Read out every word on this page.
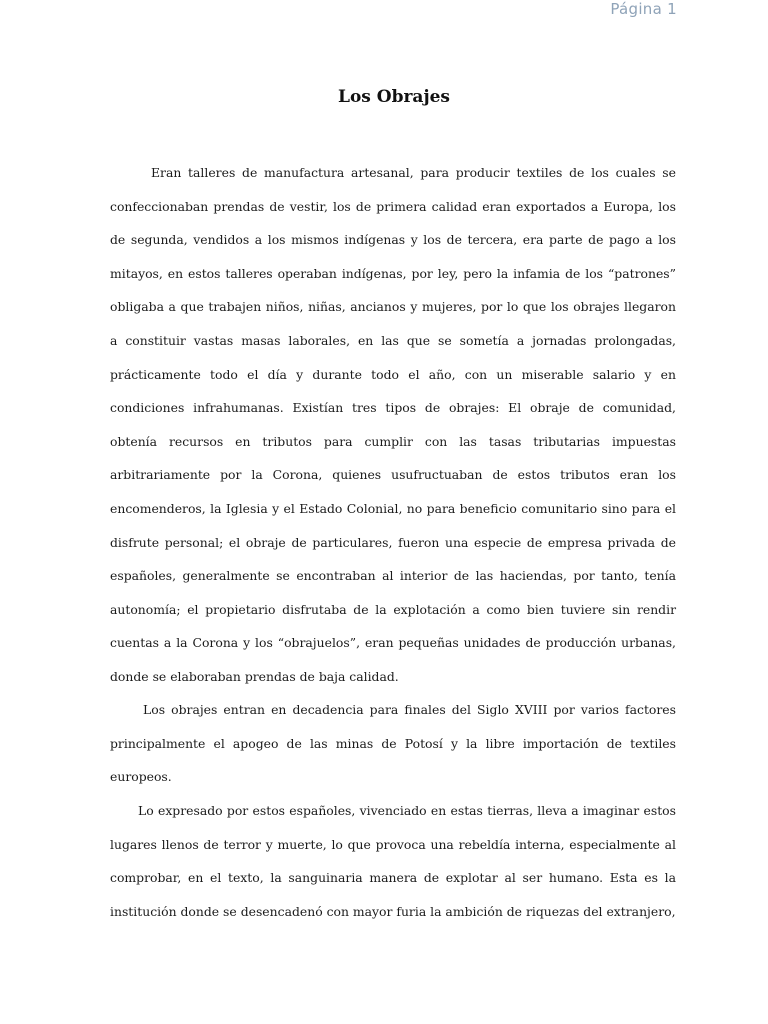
Página 1
Los Obrajes

Eran talleres de manufactura artesanal, para producir textiles de los cuales se confeccionaban prendas de vestir, los de primera calidad eran exportados a Europa, los de segunda, vendidos a los mismos indígenas y los de tercera, era parte de pago a los mitayos, en estos talleres operaban indígenas, por ley, pero la infamia de los “patrones” obligaba a que trabajen niños, niñas, ancianos y mujeres, por lo que los obrajes llegaron a constituir vastas masas laborales, en las que se sometía a jornadas prolongadas, prácticamente todo el día y durante todo el año, con un miserable salario y en condiciones infrahumanas. Existían tres tipos de obrajes: El obraje de comunidad, obtenía recursos en tributos para cumplir con las tasas tributarias impuestas arbitrariamente por la Corona, quienes usufructuaban de estos tributos eran los encomenderos, la Iglesia y el Estado Colonial, no para beneficio comunitario sino para el disfrute personal; el obraje de particulares, fueron una especie de empresa privada de españoles, generalmente se encontraban al interior de las haciendas, por tanto, tenía autonomía; el propietario disfrutaba de la explotación a como bien tuviere sin rendir cuentas a la Corona y los “obrajuelos”, eran pequeñas unidades de producción urbanas, donde se elaboraban prendas de baja calidad.

Los obrajes entran en decadencia para finales del Siglo XVIII por varios factores principalmente el apogeo de las minas de Potosí y la libre importación de textiles europeos.

Lo expresado por estos españoles, vivenciado en estas tierras, lleva a imaginar estos lugares llenos de terror y muerte, lo que provoca una rebeldía interna, especialmente al comprobar, en el texto, la sanguinaria manera de explotar al ser humano. Esta es la institución donde se desencadenó con mayor furia la ambición de riquezas del extranjero,
